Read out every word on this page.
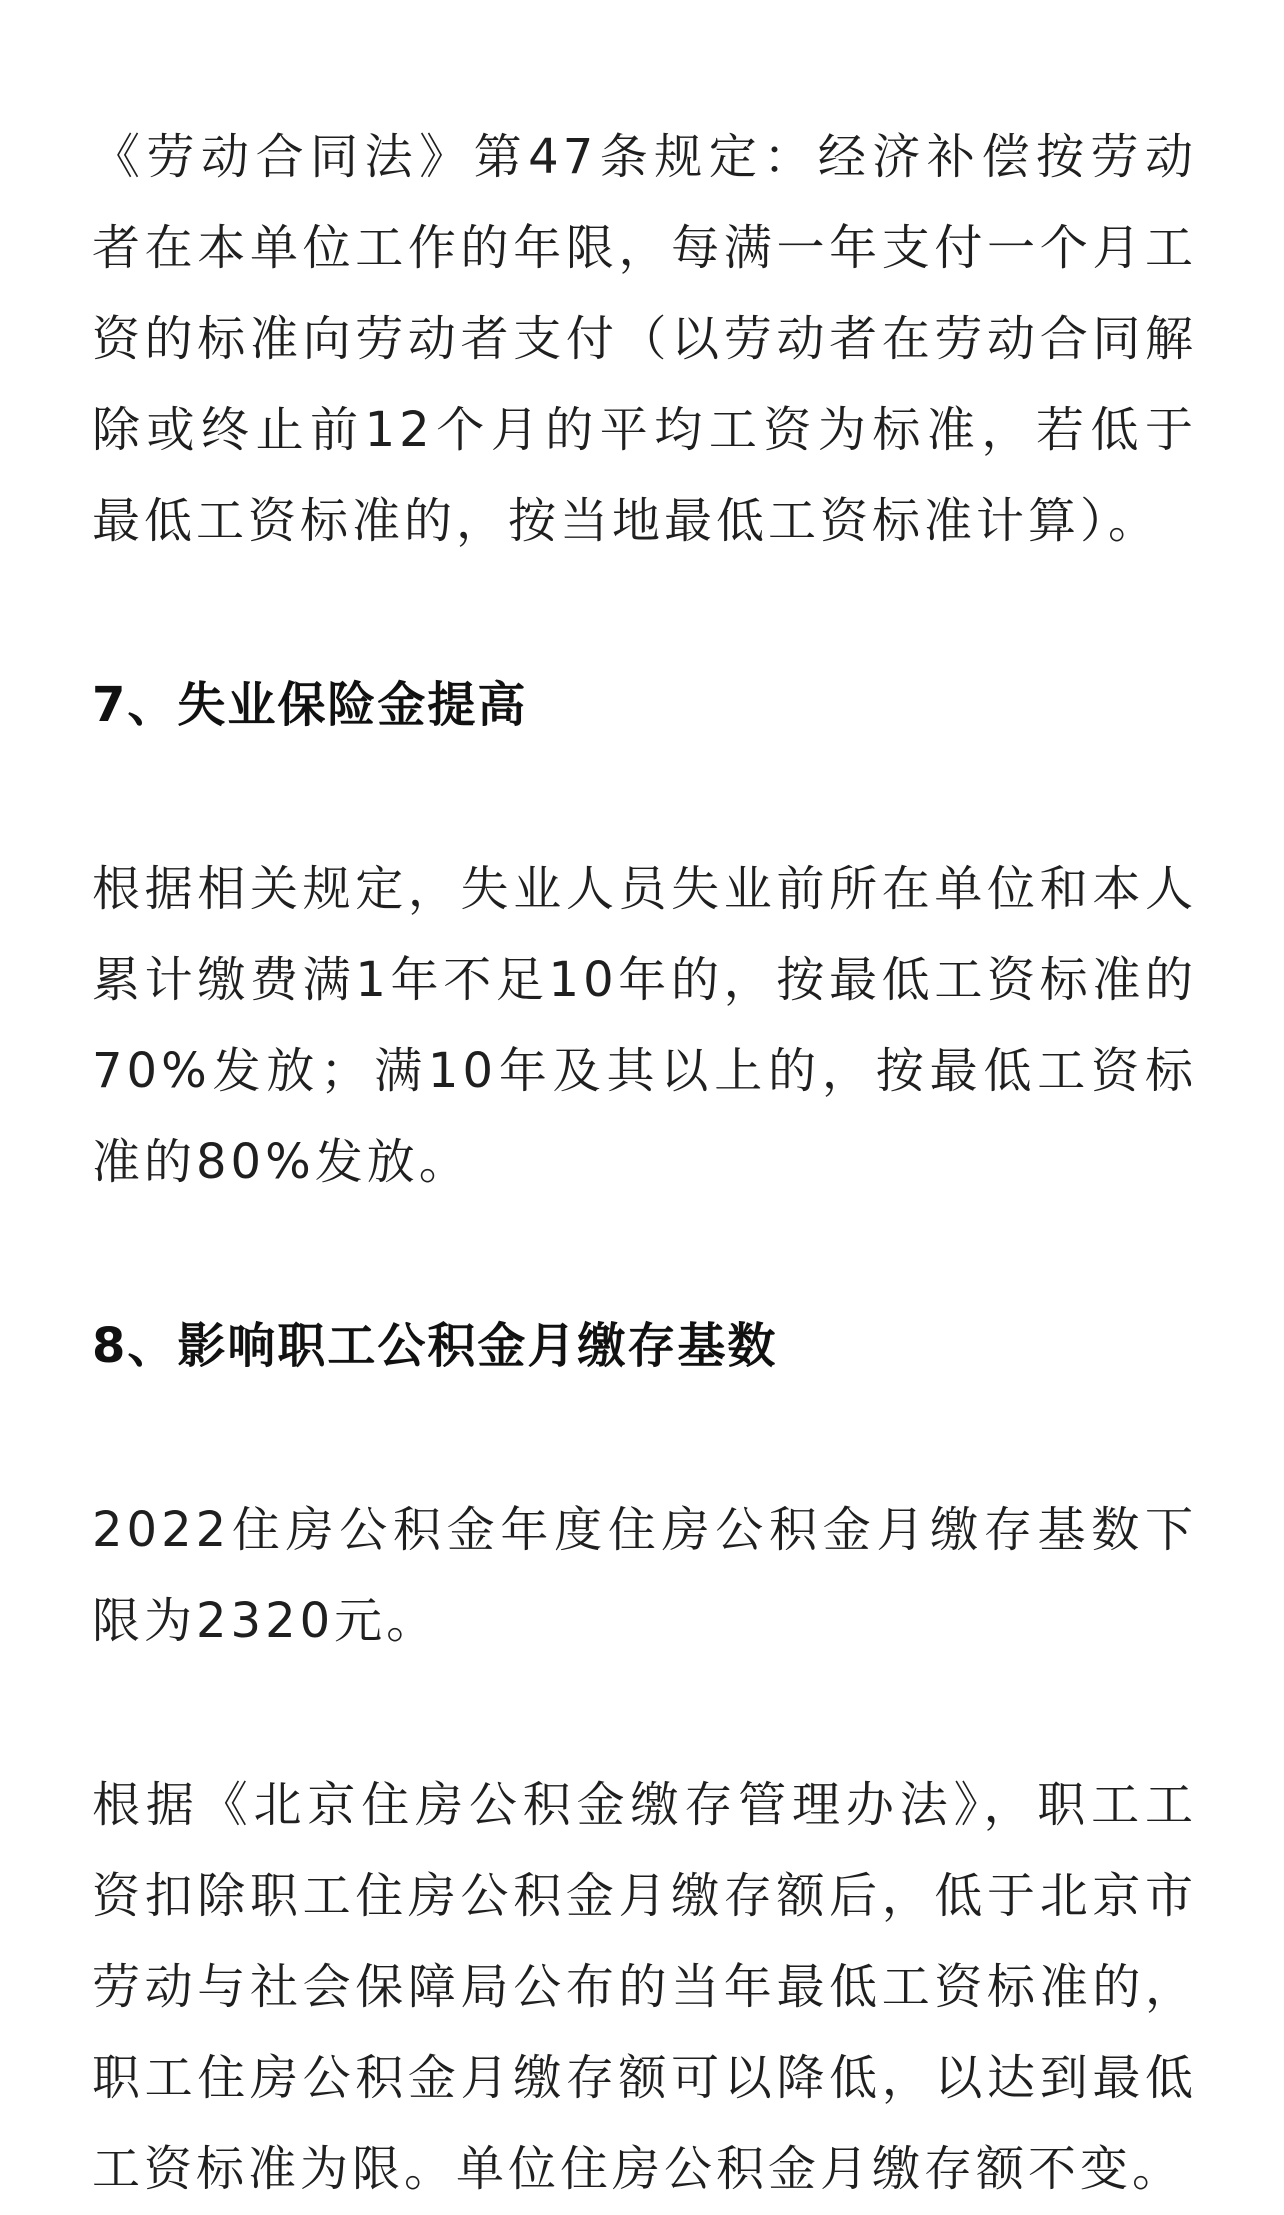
《劳动合同法》第47条规定：经济补偿按劳动者在本单位工作的年限，每满一年支付一个月工资的标准向劳动者支付（以劳动者在劳动合同解除或终止前12个月的平均工资为标准，若低于最低工资标准的，按当地最低工资标准计算）。

7、失业保险金提高

根据相关规定，失业人员失业前所在单位和本人累计缴费满1年不足10年的，按最低工资标准的70%发放；满10年及其以上的，按最低工资标准的80%发放。

8、影响职工公积金月缴存基数

2022住房公积金年度住房公积金月缴存基数下限为2320元。

根据《北京住房公积金缴存管理办法》，职工工资扣除职工住房公积金月缴存额后，低于北京市劳动与社会保障局公布的当年最低工资标准的，职工住房公积金月缴存额可以降低，以达到最低工资标准为限。单位住房公积金月缴存额不变。
